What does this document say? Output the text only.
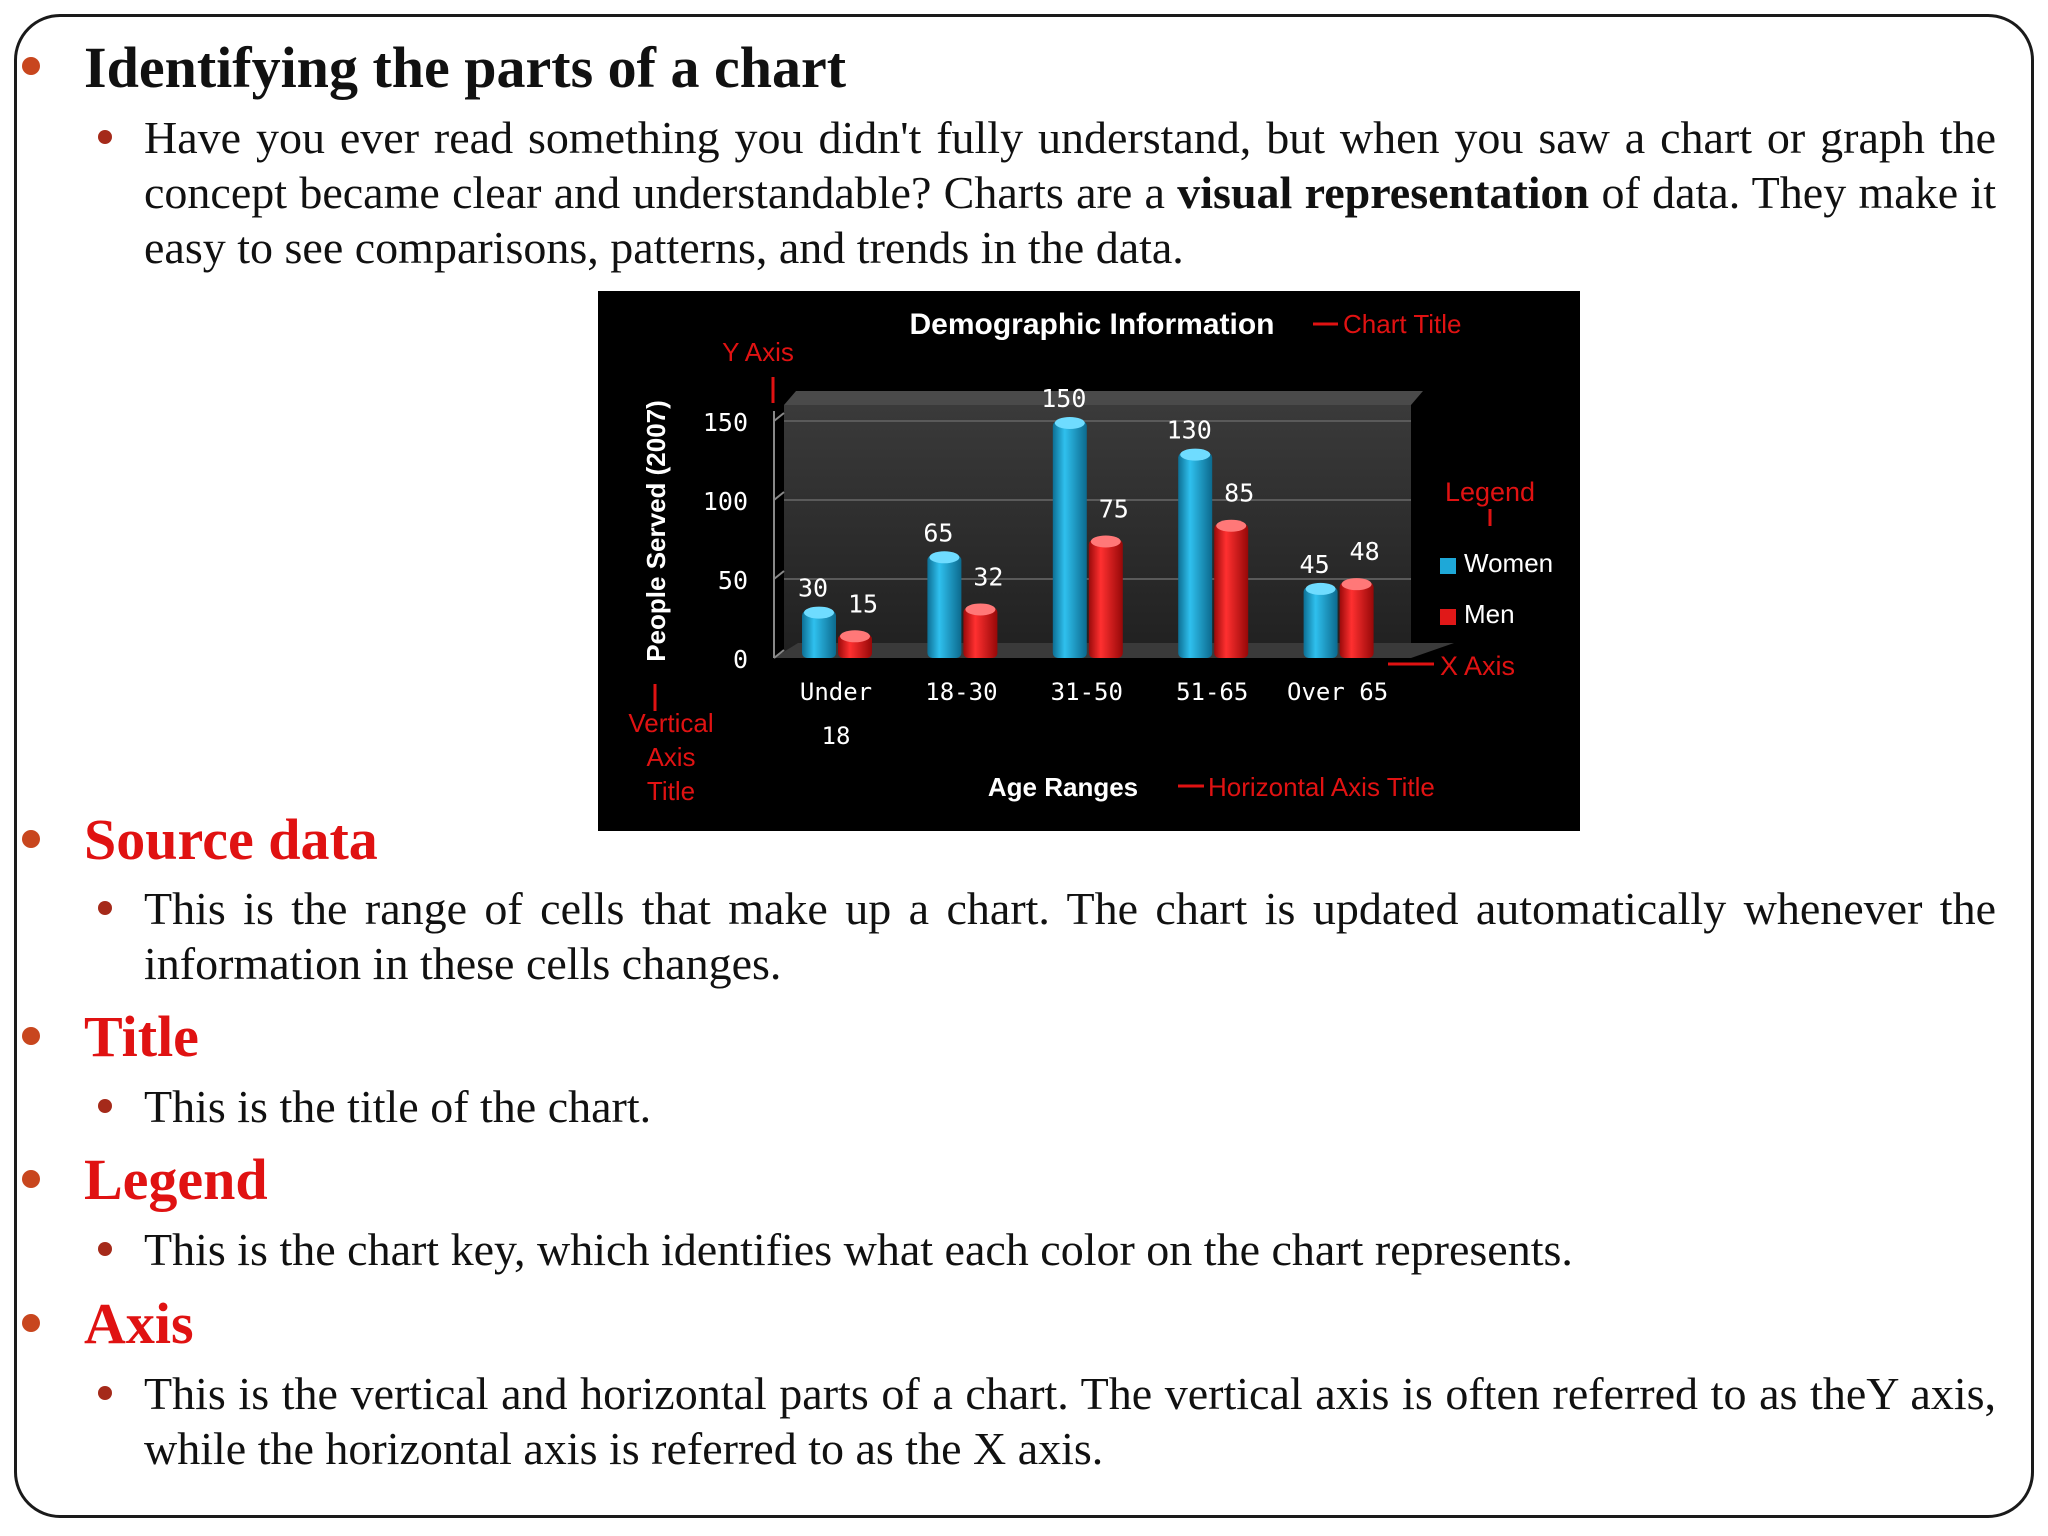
Identifying the parts of a chart
Have you ever read something you didn't fully understand, but when you saw a chart or graph the concept became clear and understandable? Charts are a visual representation of data. They make it easy to see comparisons, patterns, and trends in the data.
0
50
100
150
30
15
Under
18
65
32
18-30
150
75
31-50
130
85
51-65
45 48
Over 65
Demographic Information	Chart Title
Y Axis
People Served (2007)
Vertical
Axis
Title	Age Ranges	Horizontal Axis Title
Legend
Women
Men
X Axis
Source data
This is the range of cells that make up a chart. The chart is updated automatically whenever the information in these cells changes.
Title
This is the title of the chart.
Legend
This is the chart key, which identifies what each color on the chart represents.
Axis
This is the vertical and horizontal parts of a chart. The vertical axis is often referred to as theY axis, while the horizontal axis is referred to as the X axis.
